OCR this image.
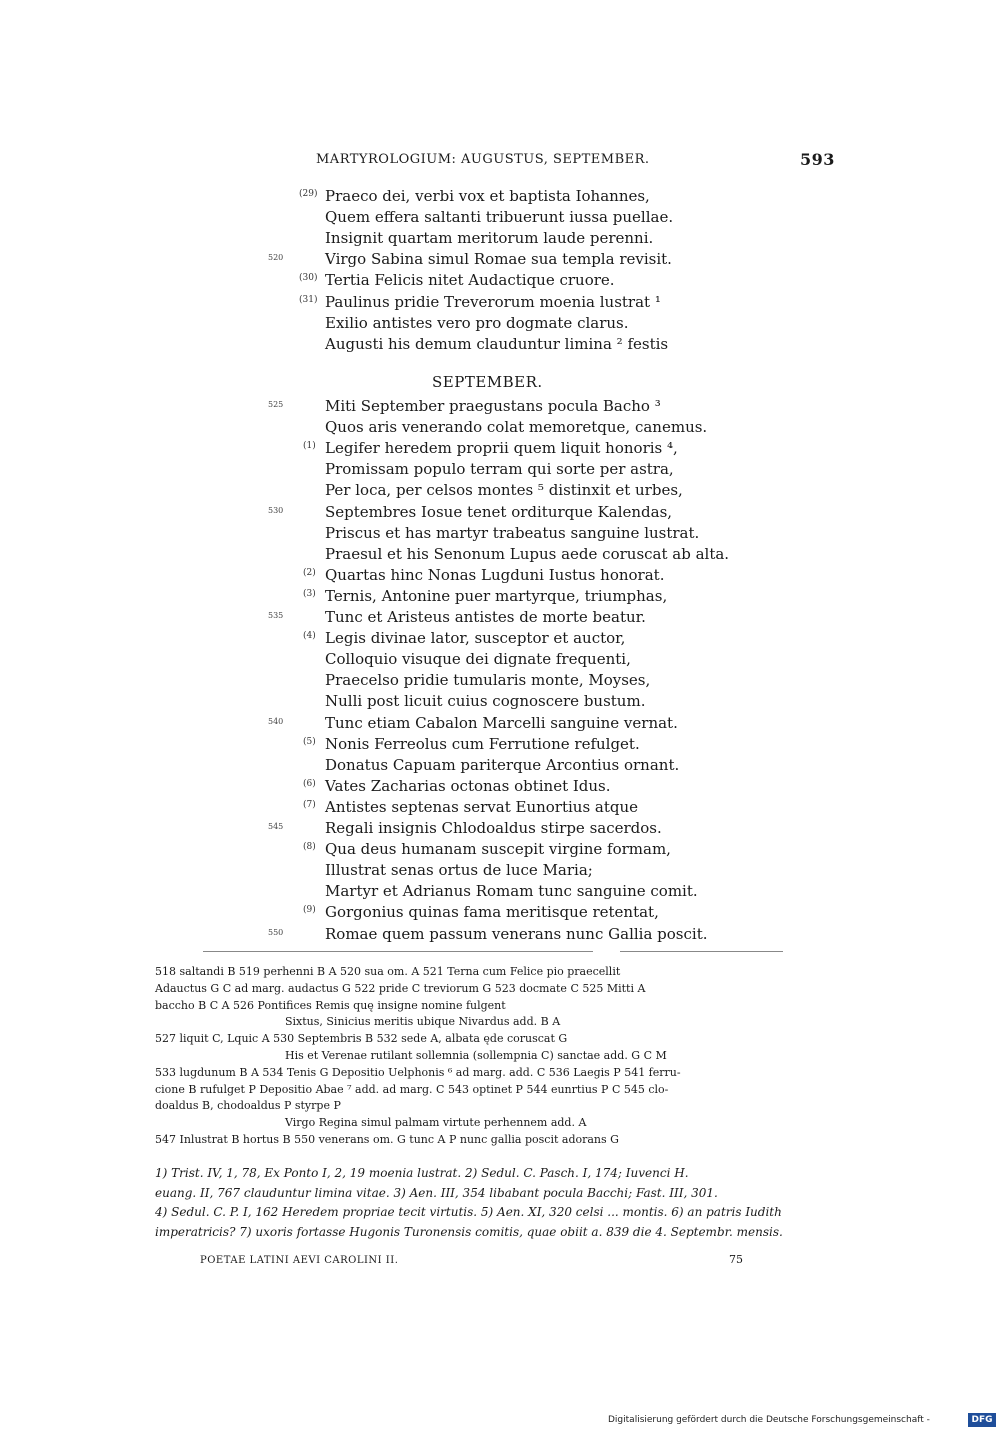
MARTYROLOGIUM: AUGUSTUS, SEPTEMBER.	593
(29) Praeco dei, verbi vox et baptista Iohannes,
Quem effera saltanti tribuerunt iussa puellae.
Insignit quartam meritorum laude perenni.
520	Virgo Sabina simul Romae sua templa revisit.
(30) Tertia Felicis nitet Audactique cruore.
(31) Paulinus pridie Treverorum moenia lustrat ¹
Exilio antistes vero pro dogmate clarus.
Augusti his demum clauduntur limina ² festis
SEPTEMBER.
525	Miti September praegustans pocula Bacho ³
Quos aris venerando colat memoretque, canemus.
(1) Legifer heredem proprii quem liquit honoris ⁴,
Promissam populo terram qui sorte per astra,
Per loca, per celsos montes ⁵ distinxit et urbes,
530	Septembres Iosue tenet orditurque Kalendas,
Priscus et has martyr trabeatus sanguine lustrat.
Praesul et his Senonum Lupus aede coruscat ab alta.
(2) Quartas hinc Nonas Lugduni Iustus honorat.
(3) Ternis, Antonine puer martyrque, triumphas,
535	Tunc et Aristeus antistes de morte beatur.
(4) Legis divinae lator, susceptor et auctor,
Colloquio visuque dei dignate frequenti,
Praecelso pridie tumularis monte, Moyses,
Nulli post licuit cuius cognoscere bustum.
540	Tunc etiam Cabalon Marcelli sanguine vernat.
(5) Nonis Ferreolus cum Ferrutione refulget.
Donatus Capuam pariterque Arcontius ornant.
(6) Vates Zacharias octonas obtinet Idus.
(7) Antistes septenas servat Eunortius atque
545	Regali insignis Chlodoaldus stirpe sacerdos.
(8) Qua deus humanam suscepit virgine formam,
Illustrat senas ortus de luce Maria;
Martyr et Adrianus Romam tunc sanguine comit.
(9) Gorgonius quinas fama meritisque retentat,
550	Romae quem passum venerans nunc Gallia poscit.
518 saltandi B 519 perhenni B A 520 sua om. A 521 Terna cum Felice pio praecellit
Adauctus G C ad marg. audactus G 522 pride C treviorum G 523 docmate C 525 Mitti A
baccho B C A 526 Pontifices Remis quę insigne nomine fulgent
Sixtus, Sinicius meritis ubique Nivardus add. B A
527 liquit C, Lquic A 530 Septembris B 532 sede A, albata ęde coruscat G
His et Verenae rutilant sollemnia (sollempnia C) sanctae add. G C M
533 lugdunum B A 534 Tenis G Depositio Uelphonis ⁶ ad marg. add. C 536 Laegis P 541 ferru-
cione B rufulget P Depositio Abae ⁷ add. ad marg. C 543 optinet P 544 eunrtius P C 545 clo-
doaldus B, chodoaldus P styrpe P
Virgo Regina simul palmam virtute perhennem add. A
547 Inlustrat B hortus B 550 venerans om. G tunc A P nunc gallia poscit adorans G
1) Trist. IV, 1, 78, Ex Ponto I, 2, 19 moenia lustrat. 2) Sedul. C. Pasch. I, 174; Iuvenci H.
euang. II, 767 clauduntur limina vitae. 3) Aen. III, 354 libabant pocula Bacchi; Fast. III, 301.
4) Sedul. C. P. I, 162 Heredem propriae tecit virtutis. 5) Aen. XI, 320 celsi ... montis. 6) an patris Iudith
imperatricis? 7) uxoris fortasse Hugonis Turonensis comitis, quae obiit a. 839 die 4. Septembr. mensis.
POETAE LATINI AEVI CAROLINI II.	75
Digitalisierung gefördert durch die Deutsche Forschungsgemeinschaft -	DFG
